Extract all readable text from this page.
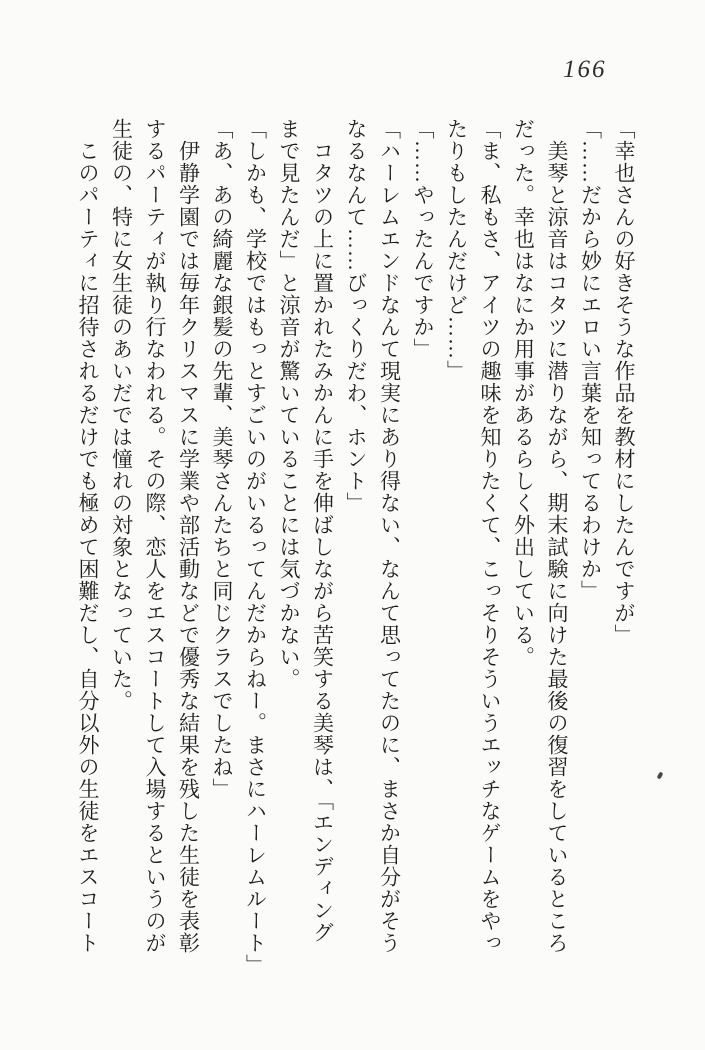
166

「幸也さんの好きそうな作品を教材にしたんですが」

「……だから妙にエロい言葉を知ってるわけか」

　美琴と涼音はコタツに潜りながら、期末試験に向けた最後の復習をしているところ

だった。幸也はなにか用事があるらしく外出している。

「ま、私もさ、アイツの趣味を知りたくて、こっそりそういうエッチなゲームをやっ

たりもしたんだけど……」

「……やったんですか」

「ハーレムエンドなんて現実にあり得ない、なんて思ってたのに、まさか自分がそう

なるなんて……びっくりだわ、ホント」

　コタツの上に置かれたみかんに手を伸ばしながら苦笑する美琴は、「エンディング

まで見たんだ」と涼音が驚いていることには気づかない。

「しかも、学校ではもっとすごいのがいるってんだからねー。まさにハーレムルート」

「あ、あの綺麗な銀髪の先輩、美琴さんたちと同じクラスでしたね」

　伊静学園では毎年クリスマスに学業や部活動などで優秀な結果を残した生徒を表彰

するパーティが執り行なわれる。その際、恋人をエスコートして入場するというのが

生徒の、特に女生徒のあいだでは憧れの対象となっていた。

　このパーティに招待されるだけでも極めて困難だし、自分以外の生徒をエスコート
